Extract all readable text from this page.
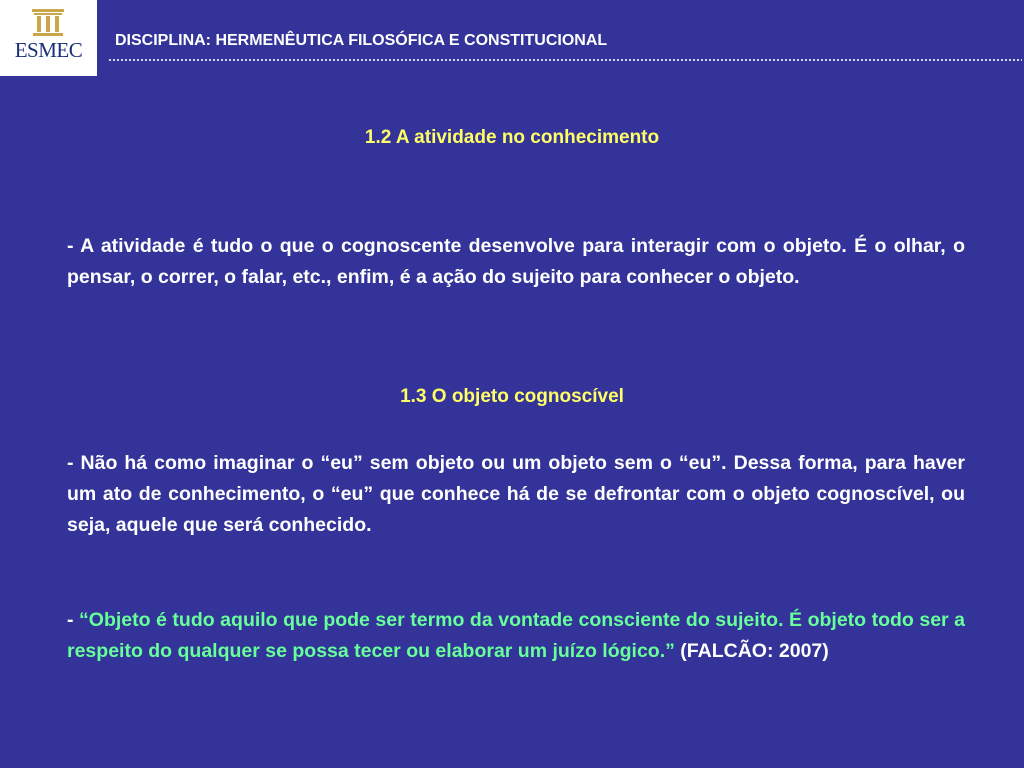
ESMEC	DISCIPLINA: HERMENÊUTICA FILOSÓFICA E CONSTITUCIONAL
1.2 A atividade no conhecimento

- A atividade é tudo o que o cognoscente desenvolve para interagir com o objeto. É o olhar, o pensar, o correr, o falar, etc., enfim, é a ação do sujeito para conhecer o objeto.

1.3 O objeto cognoscível

- Não há como imaginar o “eu” sem objeto ou um objeto sem o “eu”. Dessa forma, para haver um ato de conhecimento, o “eu” que conhece há de se defrontar com o objeto cognoscível, ou seja, aquele que será conhecido.

- “Objeto é tudo aquilo que pode ser termo da vontade consciente do sujeito. É objeto todo ser a respeito do qualquer se possa tecer ou elaborar um juízo lógico.” (FALCÃO: 2007)
